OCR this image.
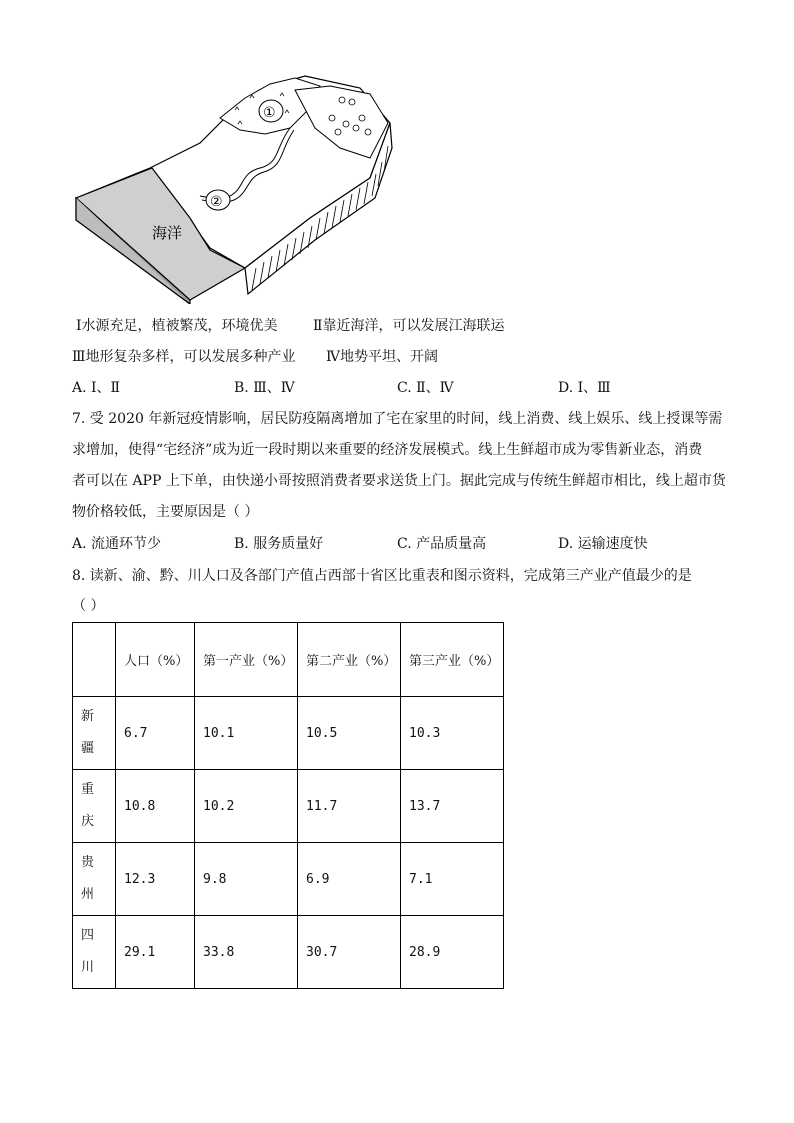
①
②
海洋
Ⅰ水源充足，植被繁茂，环境优美	Ⅱ靠近海洋，可以发展江海联运
Ⅲ地形复杂多样，可以发展多种产业 Ⅳ地势平坦、开阔
A. Ⅰ、Ⅱ	B. Ⅲ、Ⅳ	C. Ⅱ、Ⅳ	D. Ⅰ、Ⅲ
7. 受 2020 年新冠疫情影响，居民防疫隔离增加了宅在家里的时间，线上消费、线上娱乐、线上授课等需
求增加，使得“宅经济”成为近一段时期以来重要的经济发展模式。线上生鲜超市成为零售新业态，消费
者可以在 APP 上下单，由快递小哥按照消费者要求送货上门。据此完成与传统生鲜超市相比，线上超市货
物价格较低，主要原因是（ ）
A. 流通环节少	B. 服务质量好	C. 产品质量高	D. 运输速度快
8. 读新、渝、黔、川人口及各部门产值占西部十省区比重表和图示资料，完成第三产业产值最少的是
（ ）
	人口（%）	第一产业（%）	第二产业（%）	第三产业（%）

新
疆	6.7	10.1	10.5	10.3

重
庆	10.8	10.2	11.7	13.7

贵
州	12.3	9.8	6.9	7.1

四
川	29.1	33.8	30.7	28.9
